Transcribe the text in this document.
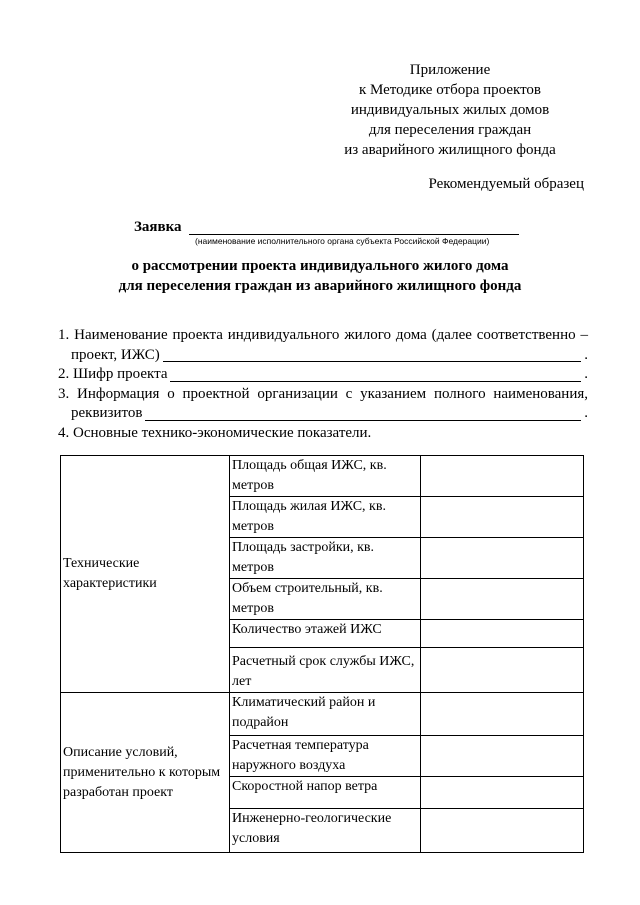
Приложение
к Методике отбора проектов
индивидуальных жилых домов
для переселения граждан
из аварийного жилищного фонда
Рекомендуемый образец
Заявка
(наименование исполнительного органа субъекта Российской Федерации)
о рассмотрении проекта индивидуального жилого дома
для переселения граждан из аварийного жилищного фонда
1. Наименование проекта индивидуального жилого дома (далее соответственно –
проект, ИЖС)	.
2. Шифр проекта	.
3. Информация о проектной организации с указанием полного наименования,
реквизитов	.
4. Основные технико-экономические показатели.
Технические характеристики	Площадь общая ИЖС, кв. метров	
	Площадь жилая ИЖС, кв. метров	
	Площадь застройки, кв. метров	
	Объем строительный, кв. метров	
	Количество этажей ИЖС	
	Расчетный срок службы ИЖС, лет	
Описание условий, применительно к которым разработан проект	Климатический район и подрайон	
	Расчетная температура наружного воздуха	
	Скоростной напор ветра	
	Инженерно-геологические условия	
